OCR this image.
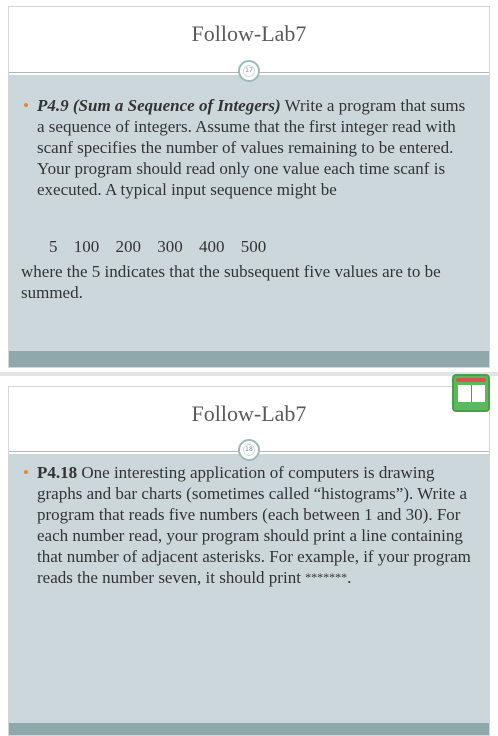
Follow-Lab7
• P4.9 (Sum a Sequence of Integers) Write a program that sums a sequence of integers. Assume that the first integer read with scanf specifies the number of values remaining to be entered. Your program should read only one value each time scanf is executed. A typical input sequence might be
5 100 200 300 400 500
where the 5 indicates that the subsequent five values are to be summed.
17
Follow-Lab7
• P4.18 One interesting application of computers is drawing graphs and bar charts (sometimes called “histograms”). Write a program that reads five numbers (each between 1 and 30). For each number read, your program should print a line containing that number of adjacent asterisks. For example, if your program reads the number seven, it should print *******.
18
